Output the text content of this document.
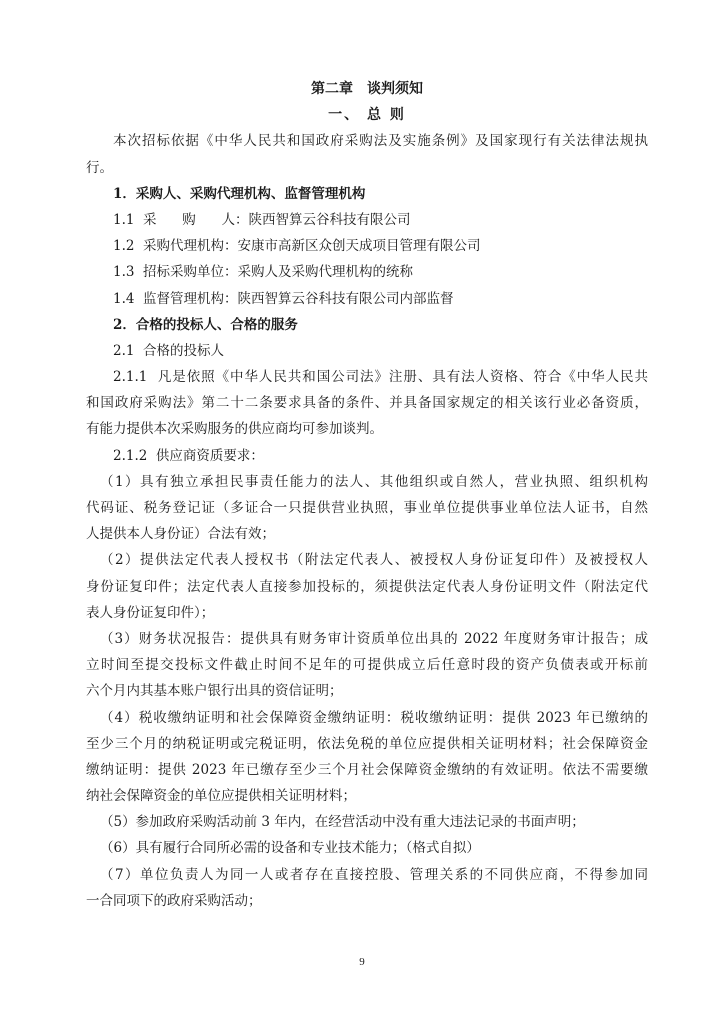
第二章　谈判须知
一、 总 则
本次招标依据《中华人民共和国政府采购法及实施条例》及国家现行有关法律法规执
行。
1．采购人、采购代理机构、监督管理机构
1.1  采      购      人：陕西智算云谷科技有限公司
1.2  采购代理机构：安康市高新区众创天成项目管理有限公司
1.3  招标采购单位：采购人及采购代理机构的统称
1.4  监督管理机构：陕西智算云谷科技有限公司内部监督
2．合格的投标人、合格的服务
2.1  合格的投标人
2.1.1  凡是依照《中华人民共和国公司法》注册、具有法人资格、符合《中华人民共
和国政府采购法》第二十二条要求具备的条件、并具备国家规定的相关该行业必备资质，
有能力提供本次采购服务的供应商均可参加谈判。
2.1.2  供应商资质要求：
（1）具有独立承担民事责任能力的法人、其他组织或自然人，营业执照、组织机构
代码证、税务登记证（多证合一只提供营业执照，事业单位提供事业单位法人证书，自然
人提供本人身份证）合法有效；
（2）提供法定代表人授权书（附法定代表人、被授权人身份证复印件）及被授权人
身份证复印件；法定代表人直接参加投标的，须提供法定代表人身份证明文件（附法定代
表人身份证复印件）；
（3）财务状况报告：提供具有财务审计资质单位出具的 2022 年度财务审计报告；成
立时间至提交投标文件截止时间不足年的可提供成立后任意时段的资产负债表或开标前
六个月内其基本账户银行出具的资信证明；
（4）税收缴纳证明和社会保障资金缴纳证明：税收缴纳证明：提供 2023 年已缴纳的
至少三个月的纳税证明或完税证明，依法免税的单位应提供相关证明材料；社会保障资金
缴纳证明：提供 2023 年已缴存至少三个月社会保障资金缴纳的有效证明。依法不需要缴
纳社会保障资金的单位应提供相关证明材料；
（5）参加政府采购活动前 3 年内，在经营活动中没有重大违法记录的书面声明；
（6）具有履行合同所必需的设备和专业技术能力；（格式自拟）
（7）单位负责人为同一人或者存在直接控股、管理关系的不同供应商，不得参加同
一合同项下的政府采购活动；
9
